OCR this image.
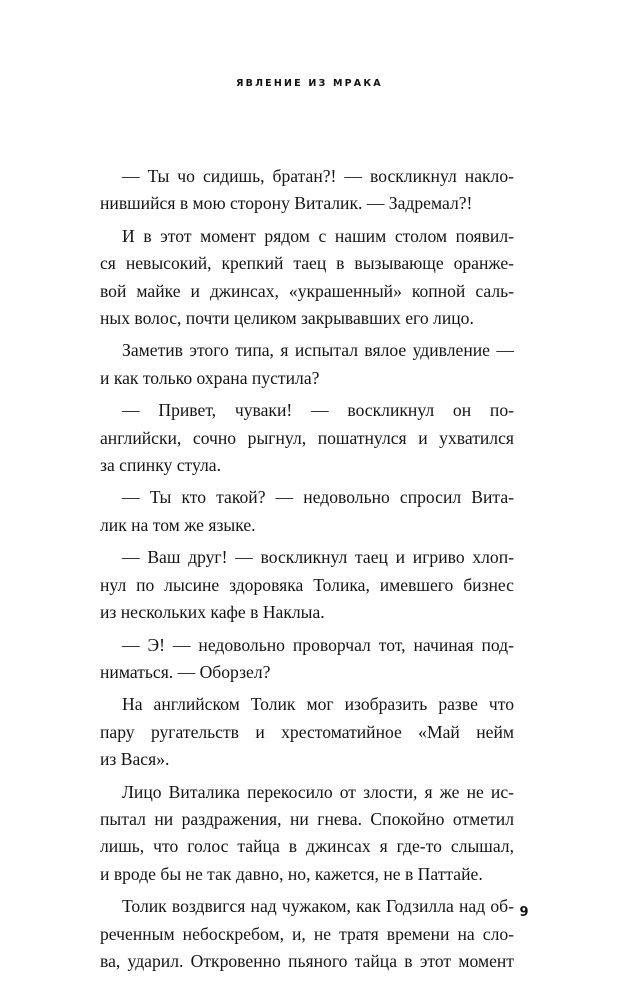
ЯВЛЕНИЕ ИЗ МРАКА

— Ты чо сидишь, братан?! — воскликнул накло-
нившийся в мою сторону Виталик. — Задремал?!

И в этот момент рядом с нашим столом появил-
ся невысокий, крепкий таец в вызывающе оранже-
вой майке и джинсах, «украшенный» копной саль-
ных волос, почти целиком закрывавших его лицо.

Заметив этого типа, я испытал вялое удивление —
и как только охрана пустила?

— Привет, чуваки! — воскликнул он по-
английски, сочно рыгнул, пошатнулся и ухватился
за спинку стула.

— Ты кто такой? — недовольно спросил Вита-
лик на том же языке.

— Ваш друг! — воскликнул таец и игриво хлоп-
нул по лысине здоровяка Толика, имевшего бизнес
из нескольких кафе в Наклыа.

— Э! — недовольно проворчал тот, начиная под-
ниматься. — Оборзел?

На английском Толик мог изобразить разве что
пару ругательств и хрестоматийное «Май нейм
из Вася».

Лицо Виталика перекосило от злости, я же не ис-
пытал ни раздражения, ни гнева. Спокойно отметил
лишь, что голос тайца в джинсах я где-то слышал,
и вроде бы не так давно, но, кажется, не в Паттайе.

Толик воздвигся над чужаком, как Годзилла над об-
реченным небоскребом, и, не тратя времени на сло-
ва, ударил. Откровенно пьяного тайца в этот момент

9
